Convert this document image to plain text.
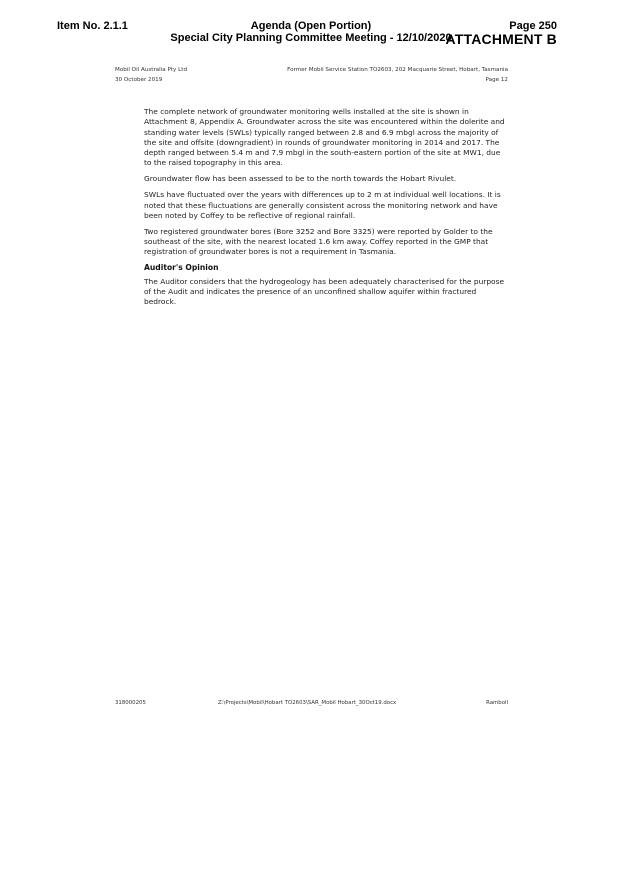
Item No. 2.1.1	Agenda (Open Portion)
Special City Planning Committee Meeting - 12/10/2020
Page 250
ATTACHMENT B
Mobil Oil Australia Pty Ltd
30 October 2019
Former Mobil Service Station TO2603, 202 Macquarie Street, Hobart, Tasmania
Page 12

The complete network of groundwater monitoring wells installed at the site is shown in Attachment 8, Appendix A. Groundwater across the site was encountered within the dolerite and standing water levels (SWLs) typically ranged between 2.8 and 6.9 mbgl across the majority of the site and offsite (downgradient) in rounds of groundwater monitoring in 2014 and 2017. The depth ranged between 5.4 m and 7.9 mbgl in the south-eastern portion of the site at MW1, due to the raised topography in this area.

Groundwater flow has been assessed to be to the north towards the Hobart Rivulet.

SWLs have fluctuated over the years with differences up to 2 m at individual well locations. It is noted that these fluctuations are generally consistent across the monitoring network and have been noted by Coffey to be reflective of regional rainfall.

Two registered groundwater bores (Bore 3252 and Bore 3325) were reported by Golder to the southeast of the site, with the nearest located 1.6 km away. Coffey reported in the GMP that registration of groundwater bores is not a requirement in Tasmania.

Auditor's Opinion

The Auditor considers that the hydrogeology has been adequately characterised for the purpose of the Audit and indicates the presence of an unconfined shallow aquifer within fractured bedrock.

318000205	Z:\Projects\Mobil\Hobart TO2603\SAR_Mobil Hobart_30Oct19.docx	Ramboll
